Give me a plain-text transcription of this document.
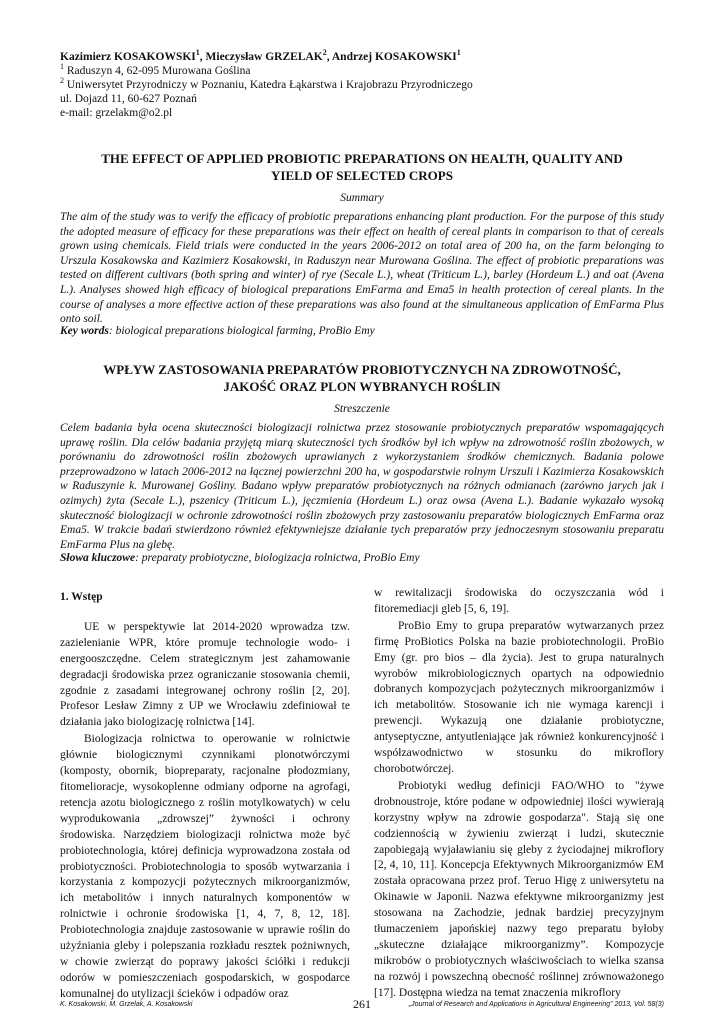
Kazimierz KOSAKOWSKI$^1$, Mieczysław GRZELAK$^2$, Andrzej KOSAKOWSKI$^1$
$^1$ Raduszyn 4, 62-095 Murowana Goślina
$^2$ Uniwersytet Przyrodniczy w Poznaniu, Katedra Łąkarstwa i Krajobrazu Przyrodniczego
ul. Dojazd 11, 60-627 Poznań
e-mail: grzelakm@o2.pl
THE EFFECT OF APPLIED PROBIOTIC PREPARATIONS ON HEALTH, QUALITY AND
YIELD OF SELECTED CROPS
Summary

The aim of the study was to verify the efficacy of probiotic preparations enhancing plant production. For the purpose of this study the adopted measure of efficacy for these preparations was their effect on health of cereal plants in comparison to that of cereals grown using chemicals. Field trials were conducted in the years 2006-2012 on total area of 200 ha, on the farm belonging to Urszula Kosakowska and Kazimierz Kosakowski, in Raduszyn near Murowana Goślina. The effect of probiotic preparations was tested on different cultivars (both spring and winter) of rye (Secale L.), wheat (Triticum L.), barley (Hordeum L.) and oat (Avena L.). Analyses showed high efficacy of biological preparations EmFarma and Ema5 in health protection of cereal plants. In the course of analyses a more effective action of these preparations was also found at the simultaneous application of EmFarma Plus onto soil.

Key words: biological preparations biological farming, ProBio Emy
WPŁYW ZASTOSOWANIA PREPARATÓW PROBIOTYCZNYCH NA ZDROWOTNOŚĆ,
JAKOŚĆ ORAZ PLON WYBRANYCH ROŚLIN
Streszczenie

Celem badania była ocena skuteczności biologizacji rolnictwa przez stosowanie probiotycznych preparatów wspomagających uprawę roślin. Dla celów badania przyjętą miarą skuteczności tych środków był ich wpływ na zdrowotność roślin zbożowych, w porównaniu do zdrowotności roślin zbożowych uprawianych z wykorzystaniem środków chemicznych. Badania polowe przeprowadzono w latach 2006-2012 na łącznej powierzchni 200 ha, w gospodarstwie rolnym Urszuli i Kazimierza Kosakowskich w Raduszynie k. Murowanej Gośliny. Badano wpływ preparatów probiotycznych na różnych odmianach (zarówno jarych jak i ozimych) żyta (Secale L.), pszenicy (Triticum L.), jęczmienia (Hordeum L.) oraz owsa (Avena L.). Badanie wykazało wysoką skuteczność biologizacji w ochronie zdrowotności roślin zbożowych przy zastosowaniu preparatów biologicznych EmFarma oraz Ema5. W trakcie badań stwierdzono również efektywniejsze działanie tych preparatów przy jednoczesnym stosowaniu preparatu EmFarma Plus na glebę.

Słowa kluczowe: preparaty probiotyczne, biologizacja rolnictwa, ProBio Emy
1. Wstęp

UE w perspektywie lat 2014-2020 wprowadza tzw. zazielenianie WPR, które promuje technologie wodo- i energooszczędne. Celem strategicznym jest zahamowanie degradacji środowiska przez ograniczanie stosowania chemii, zgodnie z zasadami integrowanej ochrony roślin [2, 20]. Profesor Lesław Zimny z UP we Wrocławiu zdefiniował te działania jako biologizację rolnictwa [14].

Biologizacja rolnictwa to operowanie w rolnictwie głównie biologicznymi czynnikami plonotwórczymi (komposty, obornik, biopreparaty, racjonalne płodozmiany, fitomelioracje, wysokoplenne odmiany odporne na agrofagi, retencja azotu biologicznego z roślin motylkowatych) w celu wyprodukowania „zdrowszej” żywności i ochrony środowiska. Narzędziem biologizacji rolnictwa może być probiotechnologia, której definicja wyprowadzona została od probiotyczności. Probiotechnologia to sposób wytwarzania i korzystania z kompozycji pożytecznych mikroorganizmów, ich metabolitów i innych naturalnych komponentów w rolnictwie i ochronie środowiska [1, 4, 7, 8, 12, 18]. Probiotechnologia znajduje zastosowanie w uprawie roślin do użyźniania gleby i polepszania rozkładu resztek pożniwnych, w chowie zwierząt do poprawy jakości ściółki i redukcji odorów w pomieszczeniach gospodarskich, w gospodarce komunalnej do utylizacji ścieków i odpadów oraz

w rewitalizacji środowiska do oczyszczania wód i fitoremediacji gleb [5, 6, 19].

ProBio Emy to grupa preparatów wytwarzanych przez firmę ProBiotics Polska na bazie probiotechnologii. ProBio Emy (gr. pro bios – dla życia). Jest to grupa naturalnych wyrobów mikrobiologicznych opartych na odpowiednio dobranych kompozycjach pożytecznych mikroorganizmów i ich metabolitów. Stosowanie ich nie wymaga karencji i prewencji. Wykazują one działanie probiotyczne, antyseptyczne, antyutleniające jak również konkurencyjność i współzawodnictwo w stosunku do mikroflory chorobotwórczej.

Probiotyki według definicji FAO/WHO to "żywe drobnoustroje, które podane w odpowiedniej ilości wywierają korzystny wpływ na zdrowie gospodarza". Stają się one codziennością w żywieniu zwierząt i ludzi, skutecznie zapobiegają wyjaławianiu się gleby z życiodajnej mikroflory [2, 4, 10, 11]. Koncepcja Efektywnych Mikroorganizmów EM została opracowana przez prof. Teruo Higę z uniwersytetu na Okinawie w Japonii. Nazwa efektywne mikroorganizmy jest stosowana na Zachodzie, jednak bardziej precyzyjnym tłumaczeniem japońskiej nazwy tego preparatu byłoby „skuteczne działające mikroorganizmy”. Kompozycje mikrobów o probiotycznych właściwościach to wielka szansa na rozwój i powszechną obecność roślinnej zrównoważonego [17]. Dostępna wiedza na temat znaczenia mikroflory

K. Kosakowski, M. Grzelak, A. Kosakowski	261	„Journal of Research and Applications in Agricultural Engineering” 2013, Vol. 58(3)
